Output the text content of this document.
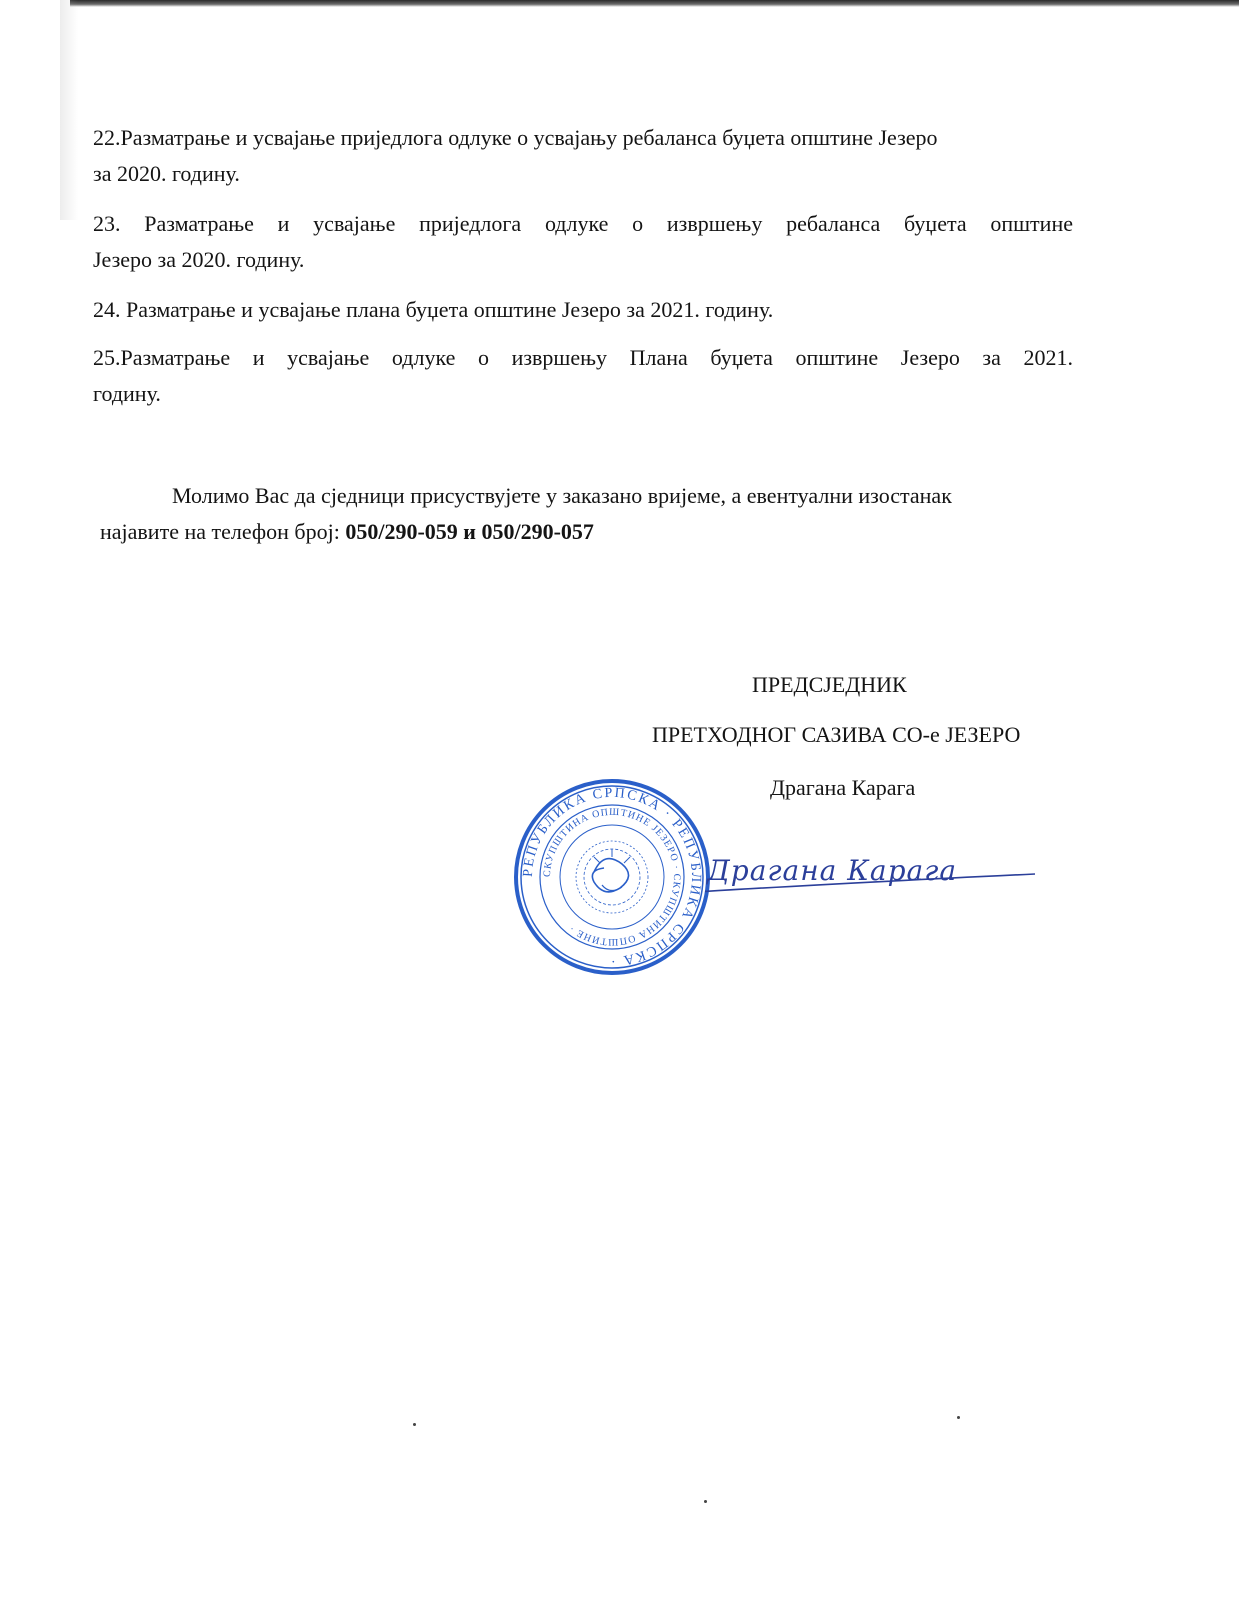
22.Разматрање и усвајање приједлога одлуке о усвајању ребаланса буџета општине Језеро
за 2020. годину.

23. Разматрање и усвајање приједлога одлуке о извршењу ребаланса буџета општине
Језеро за 2020. годину.

24. Разматрање и усвајање плана буџета општине Језеро за 2021. годину.

25.Разматрање и усвајање одлуке о извршењу Плана буџета општине Језеро за 2021.
годину.

Молимо Вас да сједници присуствујете у заказано вријеме, а евентуални изостанак
најавите на телефон број: 050/290-059 и 050/290-057

ПРЕДСЈЕДНИК
ПРЕТХОДНОГ САЗИВА СО-е ЈЕЗЕРО
Драгана Карага
РЕПУБЛИКА СРПСКА · РЕПУБЛИКА СРПСКА ·
СКУПШТИНА ОПШТИНЕ ЈЕЗЕРО · СКУПШТИНА ОПШТИНЕ ·
Драгана Карага
